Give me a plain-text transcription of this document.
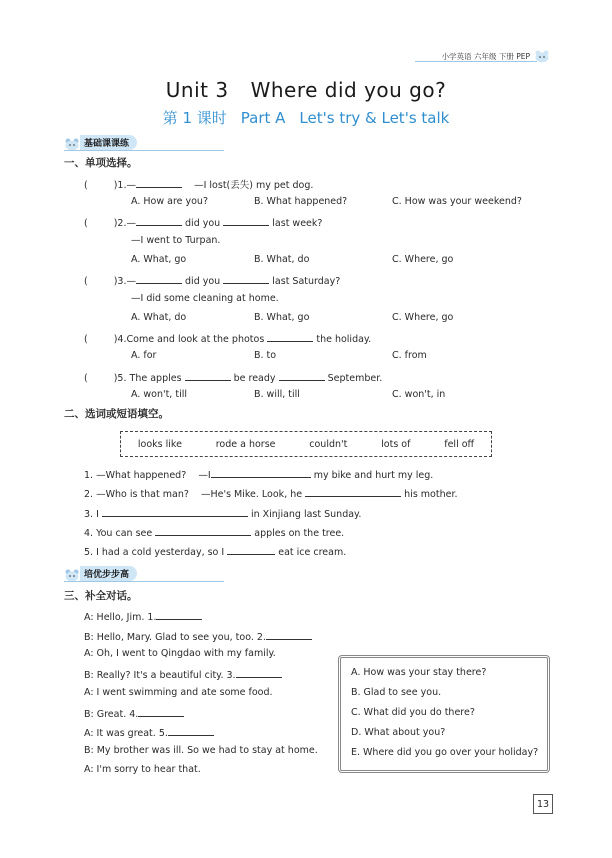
小学英语 六年级 下册 PEP
Unit 3 Where did you go?
第 1 课时 Part A Let's try & Let's talk
基础课课练
一、单项选择。
(	)1.—	—I lost(丢失) my pet dog.
A. How are you?	B. What happened?	C. How was your weekend?
(	)2.—	did you	last week?
—I went to Turpan.
A. What, go	B. What, do	C. Where, go
(	)3.—	did you	last Saturday?
—I did some cleaning at home.
A. What, do	B. What, go	C. Where, go
(	)4.Come and look at the photos	the holiday.
A. for	B. to	C. from
(	)5. The apples	be ready	September.
A. won't, till	B. will, till	C. won't, in
二、选词或短语填空。
looks like	rode a horse	couldn't	lots of	fell off
1. —What happened? —I	my bike and hurt my leg.
2. —Who is that man? —He's Mike. Look, he	his mother.
3. I	in Xinjiang last Sunday.
4. You can see	apples on the tree.
5. I had a cold yesterday, so I	eat ice cream.
培优步步高
三、补全对话。
A: Hello, Jim. 1.
B: Hello, Mary. Glad to see you, too. 2.
A: Oh, I went to Qingdao with my family.
B: Really? It's a beautiful city. 3.
A: I went swimming and ate some food.
B: Great. 4.
A: It was great. 5.
B: My brother was ill. So we had to stay at home.
A: I'm sorry to hear that.
A. How was your stay there?
B. Glad to see you.
C. What did you do there?
D. What about you?
E. Where did you go over your holiday?
13
